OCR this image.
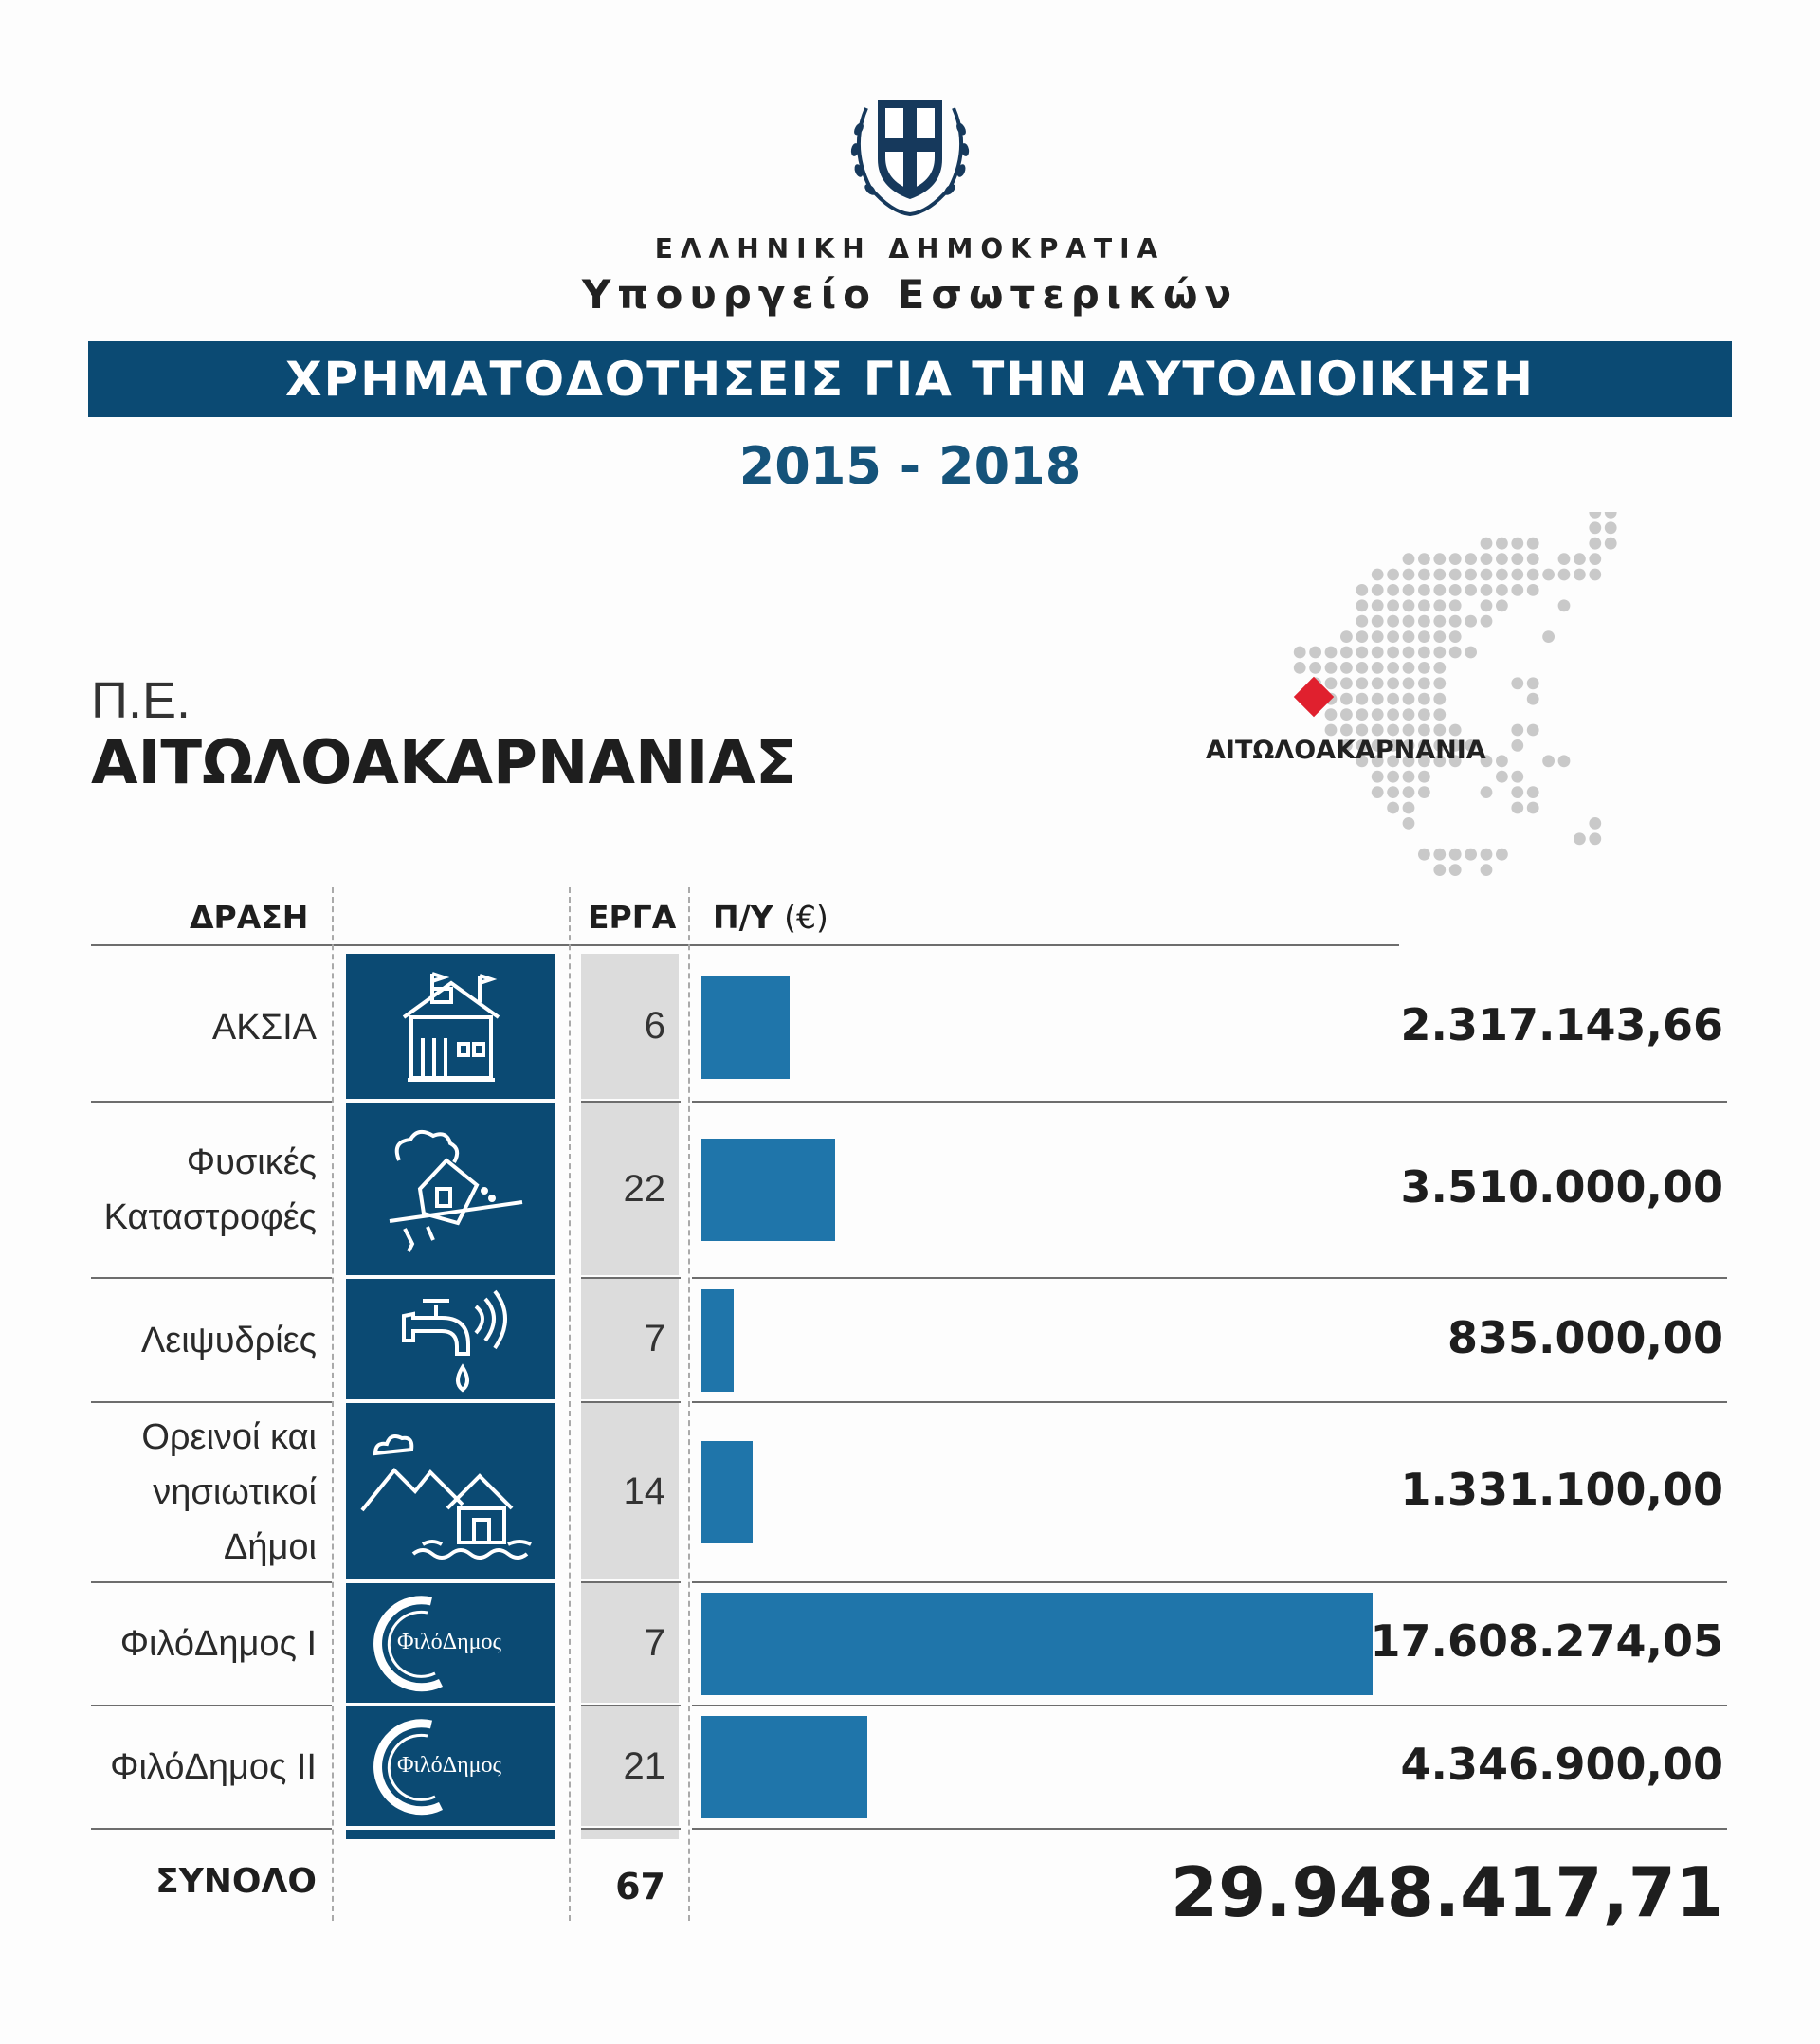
ΕΛΛΗΝΙΚΗ ΔΗΜΟΚΡΑΤΙΑ
Υπουργείο Εσωτερικών
ΧΡΗΜΑΤΟΔΟΤΗΣΕΙΣ ΓΙΑ ΤΗΝ ΑΥΤΟΔΙΟΙΚΗΣΗ
2015 - 2018
Π.Ε.
ΑΙΤΩΛΟΑΚΑΡΝΑΝΙΑΣ	ΑΙΤΩΛΟΑΚΑΡΝΑΝΙΑ
ΔΡΑΣΗ	ΕΡΓΑ Π/Υ (€)
ΑΚΣΙΑ	6	2.317.143,66
Φυσικές
Καταστροφές
22	3.510.000,00
Λειψυδρίες	7	835.000,00
Ορεινοί και
νησιωτικοί
Δήμοι
14	1.331.100,00
ΦιλόΔημος Ι	ΦιλόΔημος	7	17.608.274,05
ΦιλόΔημος ΙΙ	ΦιλόΔημος	21	4.346.900,00
ΣΥΝΟΛΟ	67	29.948.417,71
